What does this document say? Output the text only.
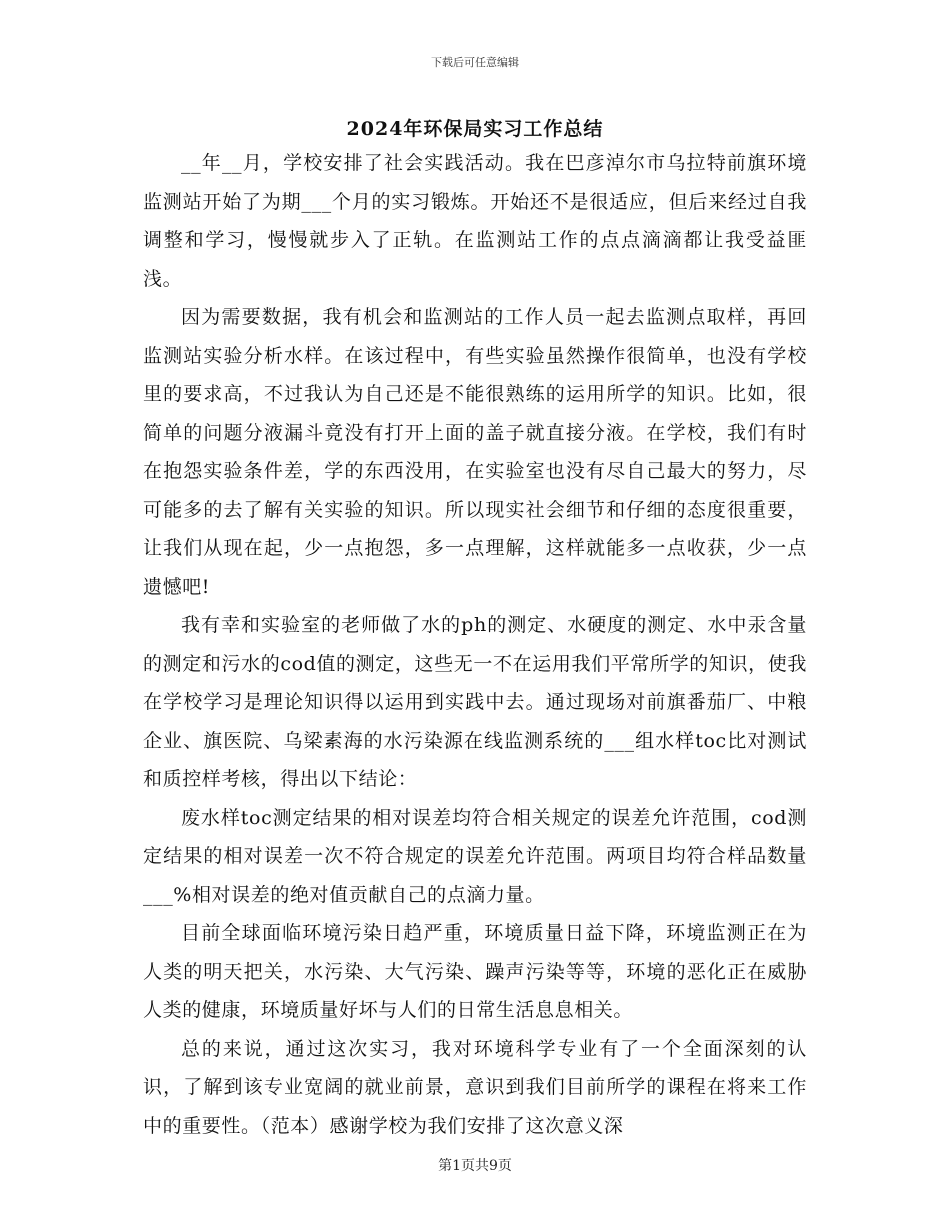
下载后可任意编辑
2024年环保局实习工作总结

__年__月，学校安排了社会实践活动。我在巴彦淖尔市乌拉特前旗环境监测站开始了为期___个月的实习锻炼。开始还不是很适应，但后来经过自我调整和学习，慢慢就步入了正轨。在监测站工作的点点滴滴都让我受益匪浅。

因为需要数据，我有机会和监测站的工作人员一起去监测点取样，再回监测站实验分析水样。在该过程中，有些实验虽然操作很简单，也没有学校里的要求高，不过我认为自己还是不能很熟练的运用所学的知识。比如，很简单的问题分液漏斗竟没有打开上面的盖子就直接分液。在学校，我们有时在抱怨实验条件差，学的东西没用，在实验室也没有尽自己最大的努力，尽可能多的去了解有关实验的知识。所以现实社会细节和仔细的态度很重要，让我们从现在起，少一点抱怨，多一点理解，这样就能多一点收获，少一点遗憾吧!

我有幸和实验室的老师做了水的ph的测定、水硬度的测定、水中汞含量的测定和污水的cod值的测定，这些无一不在运用我们平常所学的知识，使我在学校学习是理论知识得以运用到实践中去。通过现场对前旗番茄厂、中粮企业、旗医院、乌梁素海的水污染源在线监测系统的___组水样toc比对测试和质控样考核，得出以下结论：

废水样toc测定结果的相对误差均符合相关规定的误差允许范围，cod测定结果的相对误差一次不符合规定的误差允许范围。两项目均符合样品数量___%相对误差的绝对值贡献自己的点滴力量。

目前全球面临环境污染日趋严重，环境质量日益下降，环境监测正在为人类的明天把关，水污染、大气污染、躁声污染等等，环境的恶化正在威胁人类的健康，环境质量好坏与人们的日常生活息息相关。

总的来说，通过这次实习，我对环境科学专业有了一个全面深刻的认识，了解到该专业宽阔的就业前景，意识到我们目前所学的课程在将来工作中的重要性。（范本）感谢学校为我们安排了这次意义深

第1页共9页
